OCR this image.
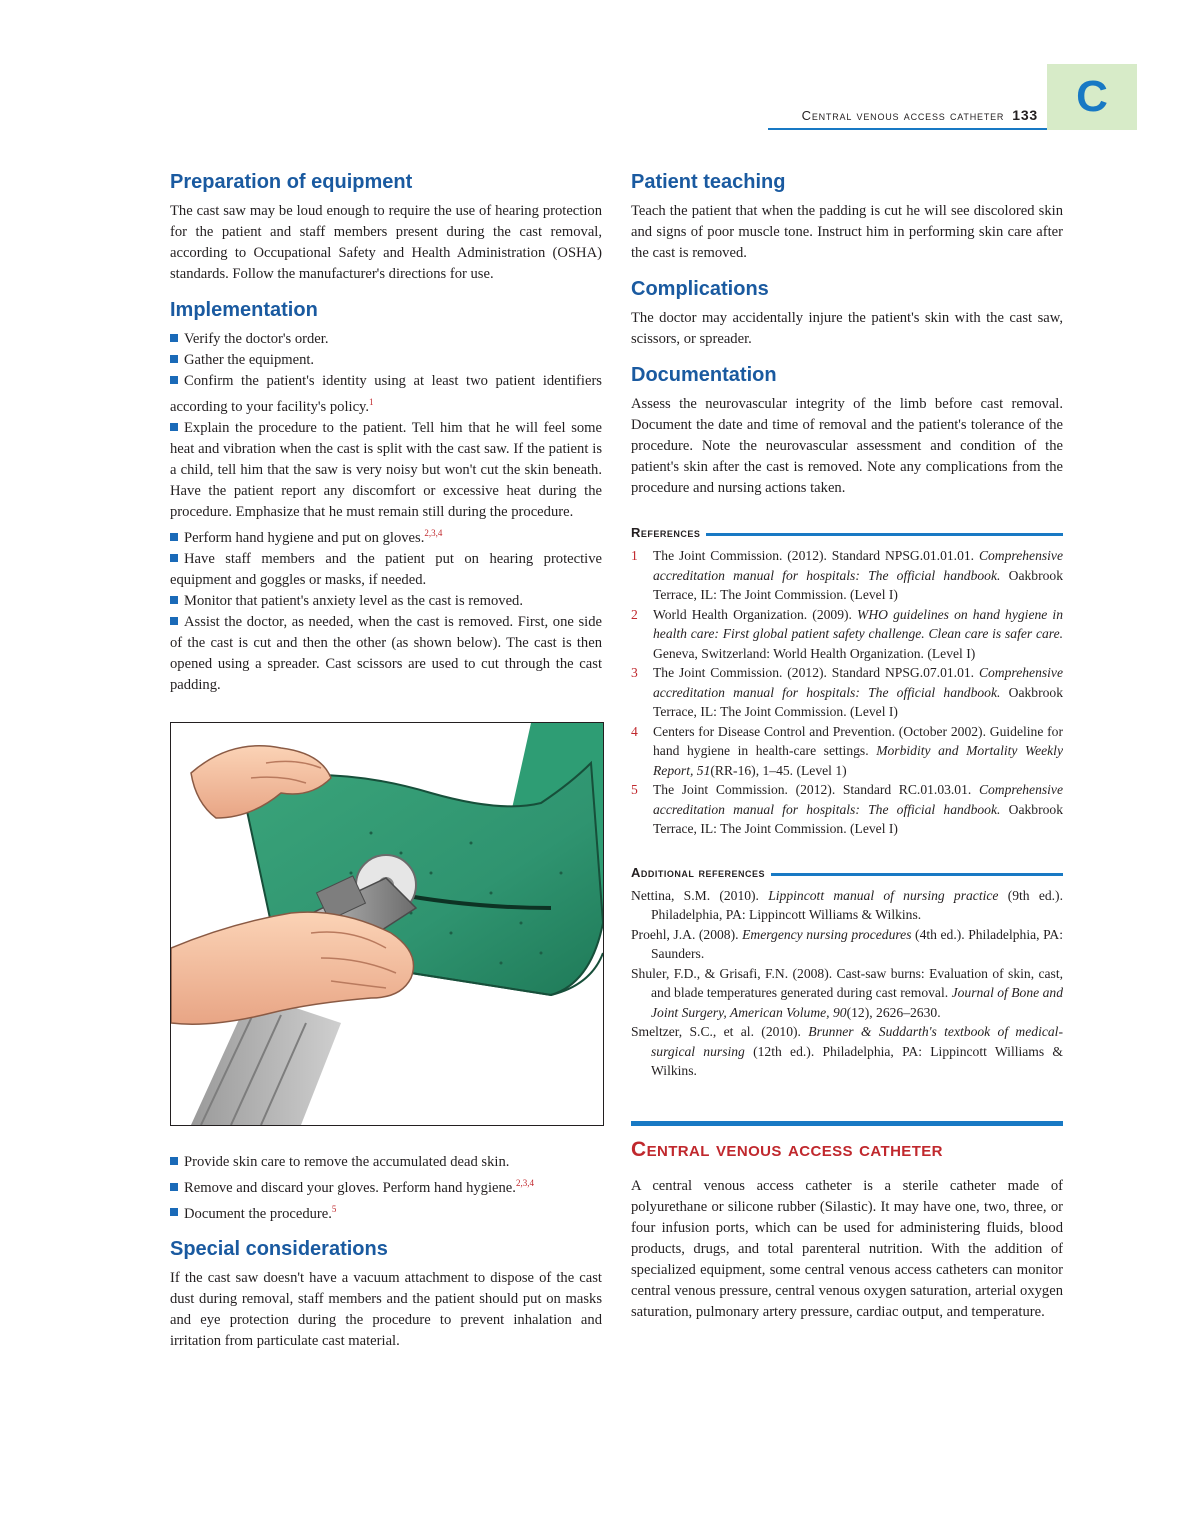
Central venous access catheter 133 C
Preparation of equipment

The cast saw may be loud enough to require the use of hearing protection for the patient and staff members present during the cast removal, according to Occupational Safety and Health Administration (OSHA) standards. Follow the manufacturer's directions for use.

Implementation
Verify the doctor's order.
Gather the equipment.
Confirm the patient's identity using at least two patient identifiers according to your facility's policy.$^1$
Explain the procedure to the patient. Tell him that he will feel some heat and vibration when the cast is split with the cast saw. If the patient is a child, tell him that the saw is very noisy but won't cut the skin beneath. Have the patient report any discomfort or excessive heat during the procedure. Emphasize that he must remain still during the procedure.
Perform hand hygiene and put on gloves.$^{2,3,4}$
Have staff members and the patient put on hearing protective equipment and goggles or masks, if needed.
Monitor that patient's anxiety level as the cast is removed.
Assist the doctor, as needed, when the cast is removed. First, one side of the cast is cut and then the other (as shown below). The cast is then opened using a spreader. Cast scissors are used to cut through the cast padding.
Provide skin care to remove the accumulated dead skin.
Remove and discard your gloves. Perform hand hygiene.$^{2,3,4}$
Document the procedure.$^5$
Special considerations

If the cast saw doesn't have a vacuum attachment to dispose of the cast dust during removal, staff members and the patient should put on masks and eye protection during the procedure to prevent inhalation and irritation from particulate cast material.

Patient teaching

Teach the patient that when the padding is cut he will see discolored skin and signs of poor muscle tone. Instruct him in performing skin care after the cast is removed.

Complications

The doctor may accidentally injure the patient's skin with the cast saw, scissors, or spreader.

Documentation

Assess the neurovascular integrity of the limb before cast removal. Document the date and time of removal and the patient's tolerance of the procedure. Note the neurovascular assessment and condition of the patient's skin after the cast is removed. Note any complications from the procedure and nursing actions taken.

References
1	The Joint Commission. (2012). Standard NPSG.01.01.01. Comprehensive accreditation manual for hospitals: The official handbook. Oakbrook Terrace, IL: The Joint Commission. (Level I)
2	World Health Organization. (2009). WHO guidelines on hand hygiene in health care: First global patient safety challenge. Clean care is safer care. Geneva, Switzerland: World Health Organization. (Level I)
3	The Joint Commission. (2012). Standard NPSG.07.01.01. Comprehensive accreditation manual for hospitals: The official handbook. Oakbrook Terrace, IL: The Joint Commission. (Level I)
4	Centers for Disease Control and Prevention. (October 2002). Guideline for hand hygiene in health-care settings. Morbidity and Mortality Weekly Report, 51(RR-16), 1–45. (Level 1)
5	The Joint Commission. (2012). Standard RC.01.03.01. Comprehensive accreditation manual for hospitals: The official handbook. Oakbrook Terrace, IL: The Joint Commission. (Level I)
Additional references
Nettina, S.M. (2010). Lippincott manual of nursing practice (9th ed.). Philadelphia, PA: Lippincott Williams & Wilkins.
Proehl, J.A. (2008). Emergency nursing procedures (4th ed.). Philadelphia, PA: Saunders.
Shuler, F.D., & Grisafi, F.N. (2008). Cast-saw burns: Evaluation of skin, cast, and blade temperatures generated during cast removal. Journal of Bone and Joint Surgery, American Volume, 90(12), 2626–2630.
Smeltzer, S.C., et al. (2010). Brunner & Suddarth's textbook of medical-surgical nursing (12th ed.). Philadelphia, PA: Lippincott Williams & Wilkins.
Central venous access catheter

A central venous access catheter is a sterile catheter made of polyurethane or silicone rubber (Silastic). It may have one, two, three, or four infusion ports, which can be used for administering fluids, blood products, drugs, and total parenteral nutrition. With the addition of specialized equipment, some central venous access catheters can monitor central venous pressure, central venous oxygen saturation, arterial oxygen saturation, pulmonary artery pressure, cardiac output, and temperature.
